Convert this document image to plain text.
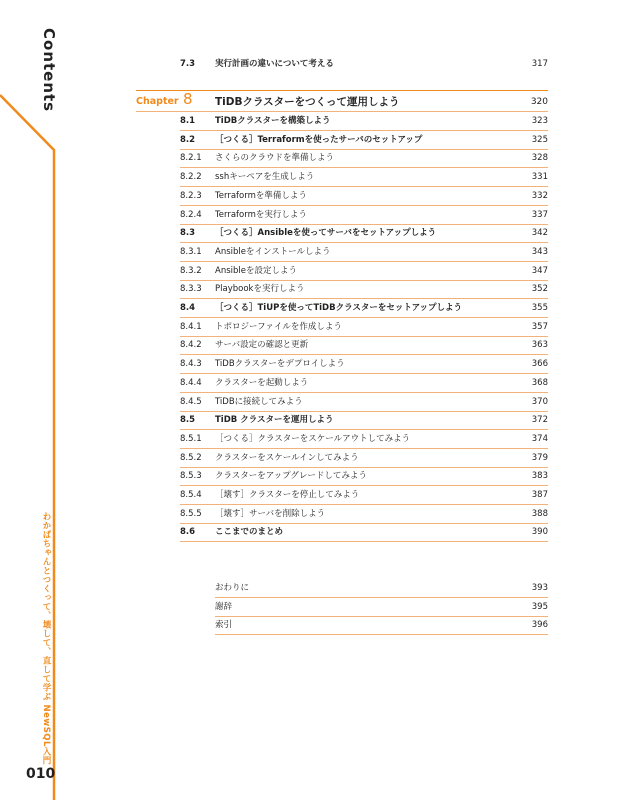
Contents
わかばちゃんとつくって、壊して、直して学ぶ NewSQL入門
010
7.3 実行計画の違いについて考える	317
Chapter 8 TiDBクラスターをつくって運用しよう	320
8.1 TiDBクラスターを構築しよう	323
8.2 ［つくる］Terraformを使ったサーバのセットアップ	325
8.2.1 さくらのクラウドを準備しよう	328
8.2.2 sshキーペアを生成しよう	331
8.2.3 Terraformを準備しよう	332
8.2.4 Terraformを実行しよう	337
8.3 ［つくる］Ansibleを使ってサーバをセットアップしよう	342
8.3.1 Ansibleをインストールしよう	343
8.3.2 Ansibleを設定しよう	347
8.3.3 Playbookを実行しよう	352
8.4 ［つくる］TiUPを使ってTiDBクラスターをセットアップしよう	355
8.4.1 トポロジーファイルを作成しよう	357
8.4.2 サーバ設定の確認と更新	363
8.4.3 TiDBクラスターをデプロイしよう	366
8.4.4 クラスターを起動しよう	368
8.4.5 TiDBに接続してみよう	370
8.5 TiDB クラスターを運用しよう	372
8.5.1 ［つくる］クラスターをスケールアウトしてみよう	374
8.5.2 クラスターをスケールインしてみよう	379
8.5.3 クラスターをアップグレードしてみよう	383
8.5.4 ［壊す］クラスターを停止してみよう	387
8.5.5 ［壊す］サーバを削除しよう	388
8.6 ここまでのまとめ	390
おわりに	393
謝辞	395
索引	396
